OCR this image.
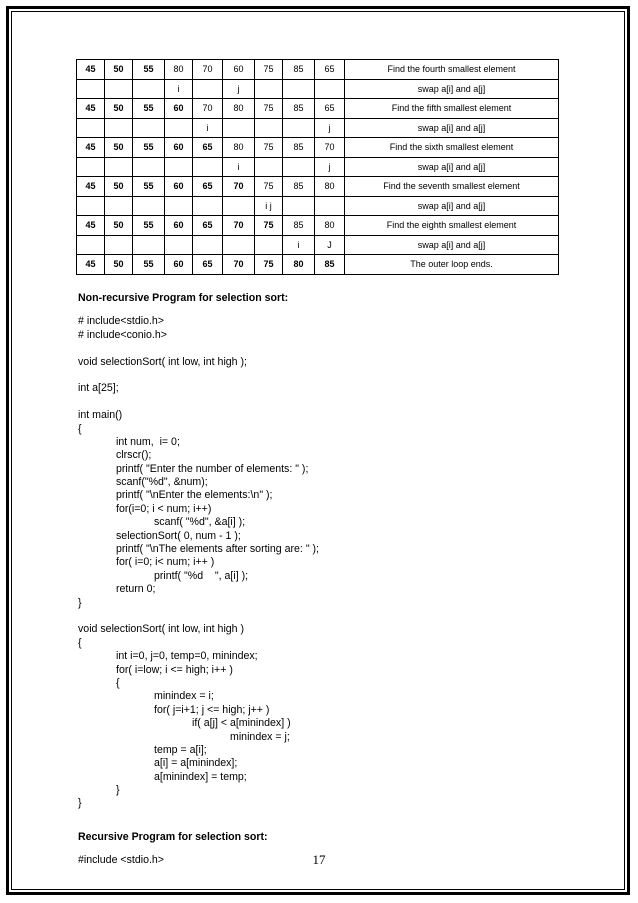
45	50	55	80	70	60	75	85	65	Find the fourth smallest element
			i		j				swap a[i] and a[j]
45	50	55	60	70	80	75	85	65	Find the fifth smallest element
				i				j	swap a[i] and a[j]
45	50	55	60	65	80	75	85	70	Find the sixth smallest element
					i			j	swap a[i] and a[j]
45	50	55	60	65	70	75	85	80	Find the seventh smallest element
						i j			swap a[i] and a[j]
45	50	55	60	65	70	75	85	80	Find the eighth smallest element
							i	J	swap a[i] and a[j]
45	50	55	60	65	70	75	80	85	The outer loop ends.

Non-recursive Program for selection sort:

# include<stdio.h>
# include<conio.h>
void selectionSort( int low, int high );
int a[25];
int main()
{
int num,  i= 0;
clrscr();
printf( "Enter the number of elements: " );
scanf("%d", &num);
printf( "\nEnter the elements:\n" );
for(i=0; i < num; i++)
scanf( "%d", &a[i] );
selectionSort( 0, num - 1 );
printf( "\nThe elements after sorting are: " );
for( i=0; i< num; i++ )
printf( "%d    ", a[i] );
return 0;
}
void selectionSort( int low, int high )
{
int i=0, j=0, temp=0, minindex;
for( i=low; i <= high; i++ )
{
minindex = i;
for( j=i+1; j <= high; j++ )
if( a[j] < a[minindex] )
minindex = j;
temp = a[i];
a[i] = a[minindex];
a[minindex] = temp;
}
}

Recursive Program for selection sort:

#include <stdio.h>	17
